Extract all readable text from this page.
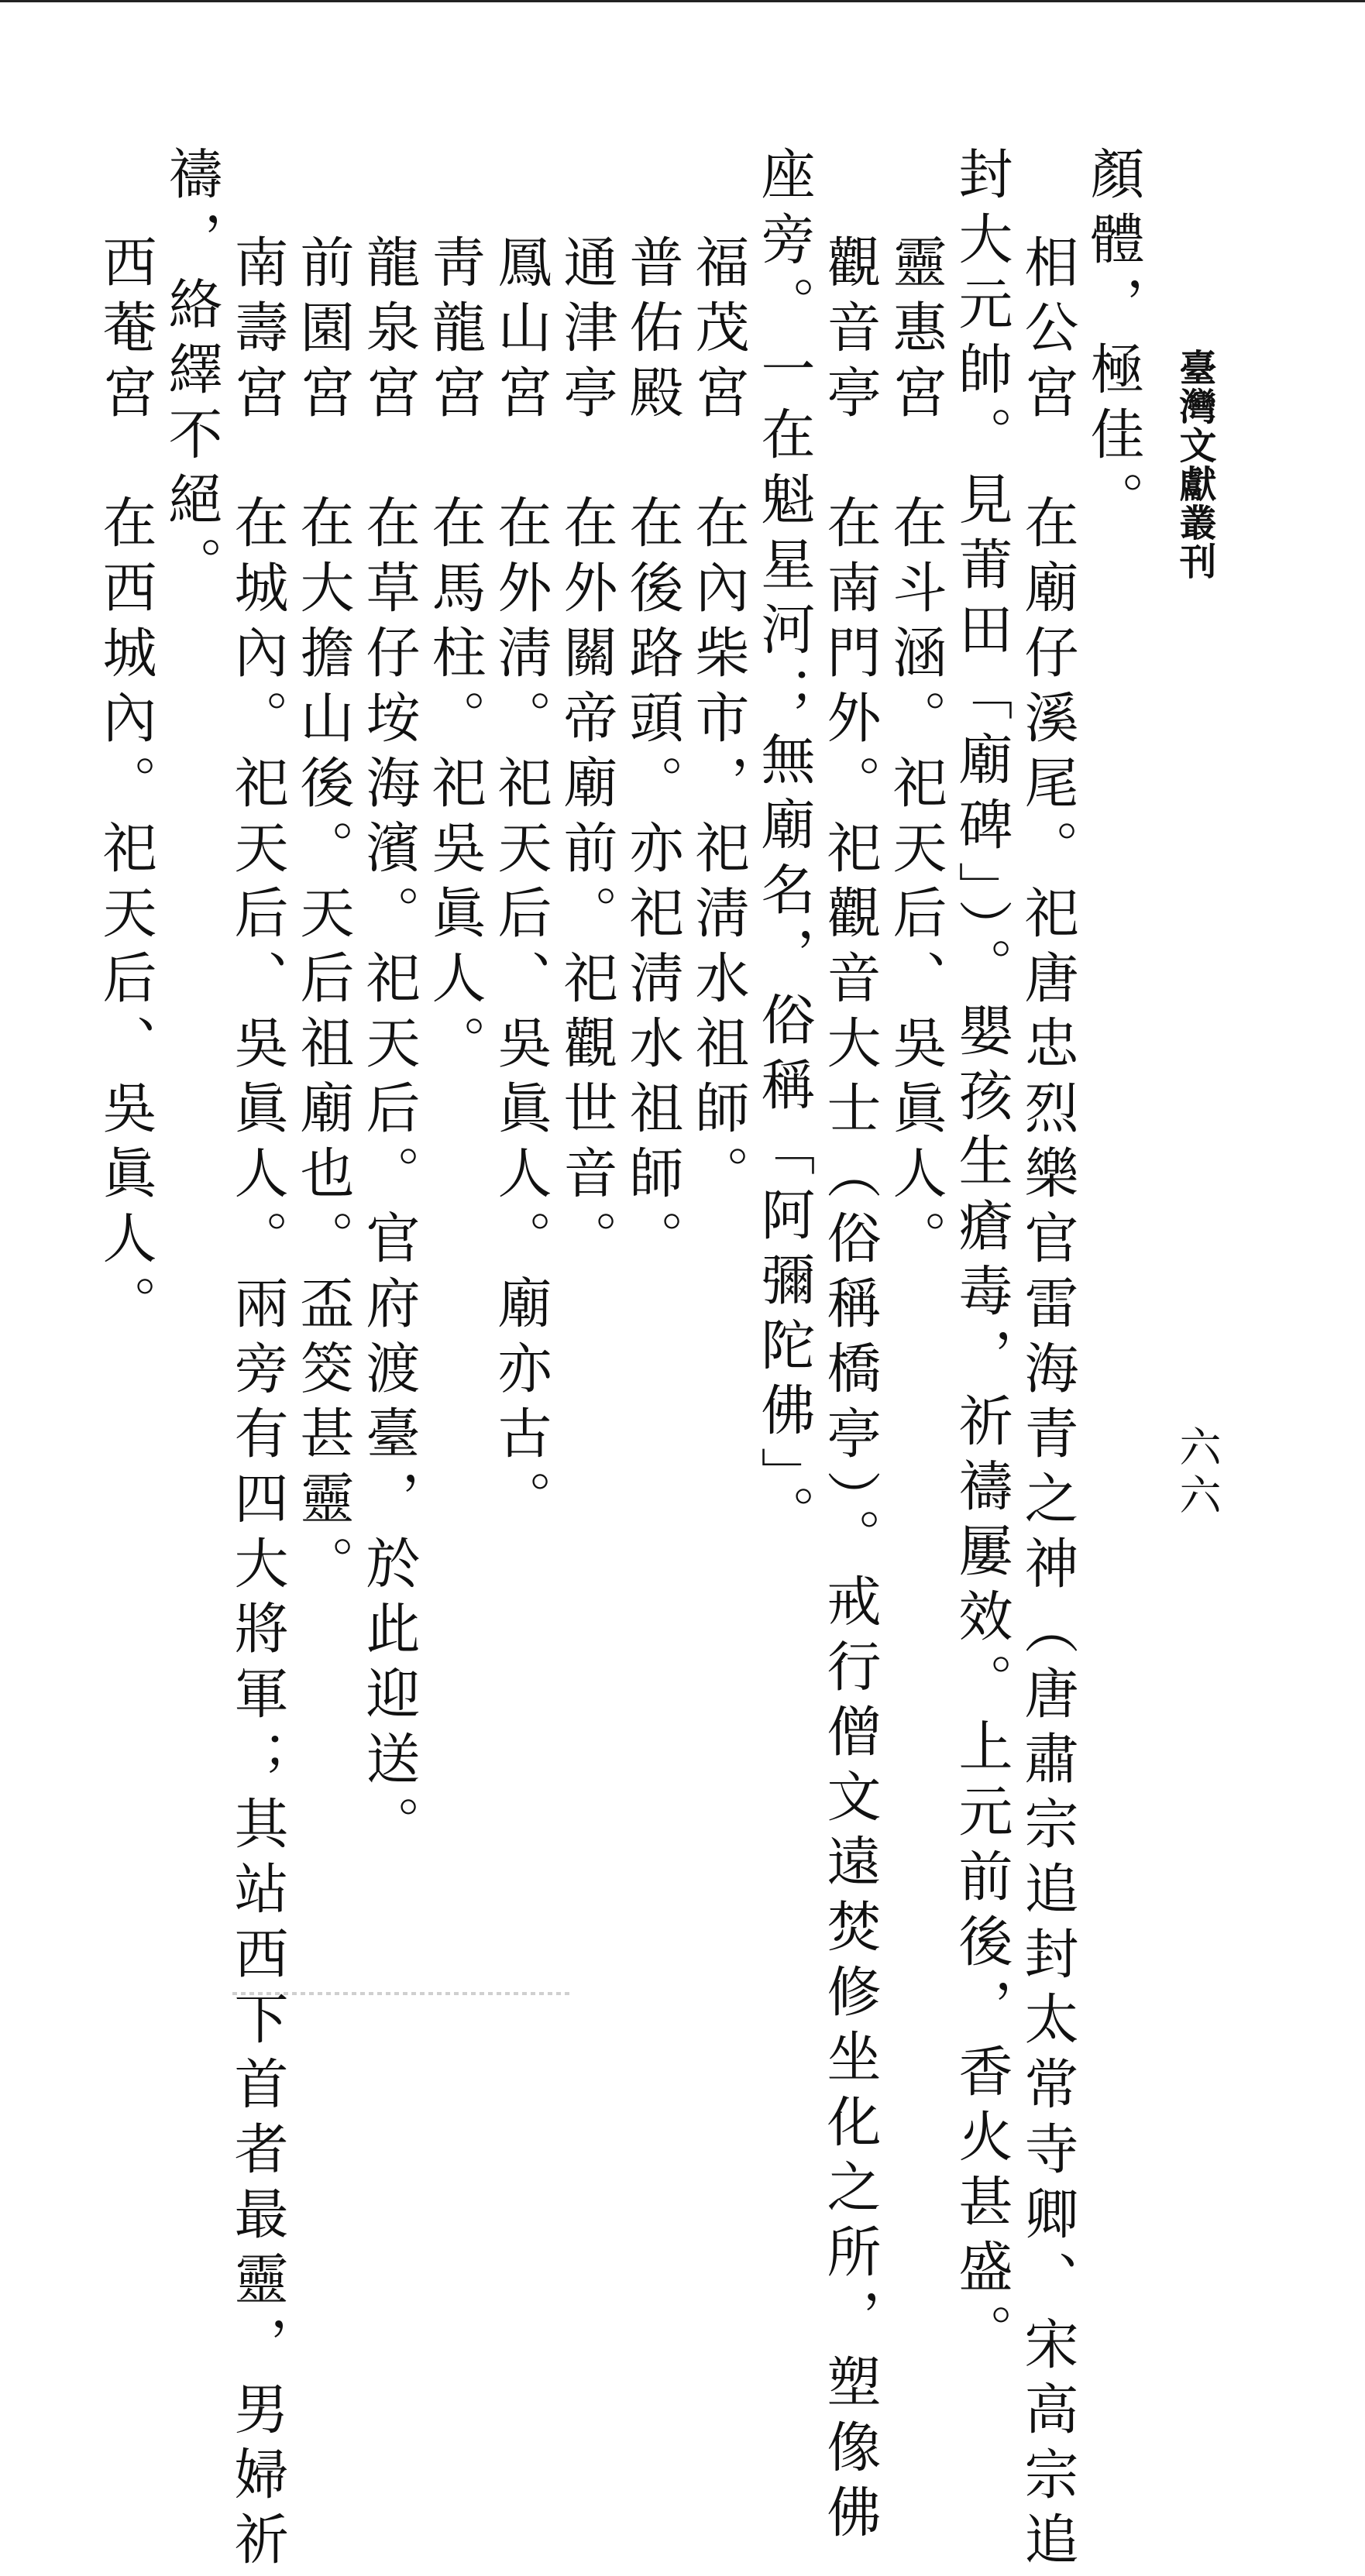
臺灣文獻叢刊
六六
顏體，極佳。
相公宮　在廟仔溪尾。祀唐忠烈樂官雷海青之神（唐肅宗追封太常寺卿、宋高宗追
封大元帥。見莆田「廟碑」）。嬰孩生瘡毒，祈禱屢效。上元前後，香火甚盛。
靈惠宮　在斗涵。祀天后、吳眞人。
觀音亭　在南門外。祀觀音大士（俗稱橋亭）。戒行僧文遠焚修坐化之所，塑像佛
座旁。一在魁星河；無廟名，俗稱「阿彌陀佛」。
福茂宮　在內柴市，祀淸水祖師。
普佑殿　在後路頭。亦祀淸水祖師。
通津亭　在外關帝廟前。祀觀世音。
鳳山宮　在外淸。祀天后、吳眞人。廟亦古。
靑龍宮　在馬柱。祀吳眞人。
龍泉宮　在草仔垵海濱。祀天后。官府渡臺，於此迎送。
前園宮　在大擔山後。天后祖廟也。盃筊甚靈。
南壽宮　在城內。祀天后、吳眞人。兩旁有四大將軍；其站西下首者最靈，男婦祈
禱，絡繹不絕。
西菴宮　在西城內。祀天后、吳眞人。
